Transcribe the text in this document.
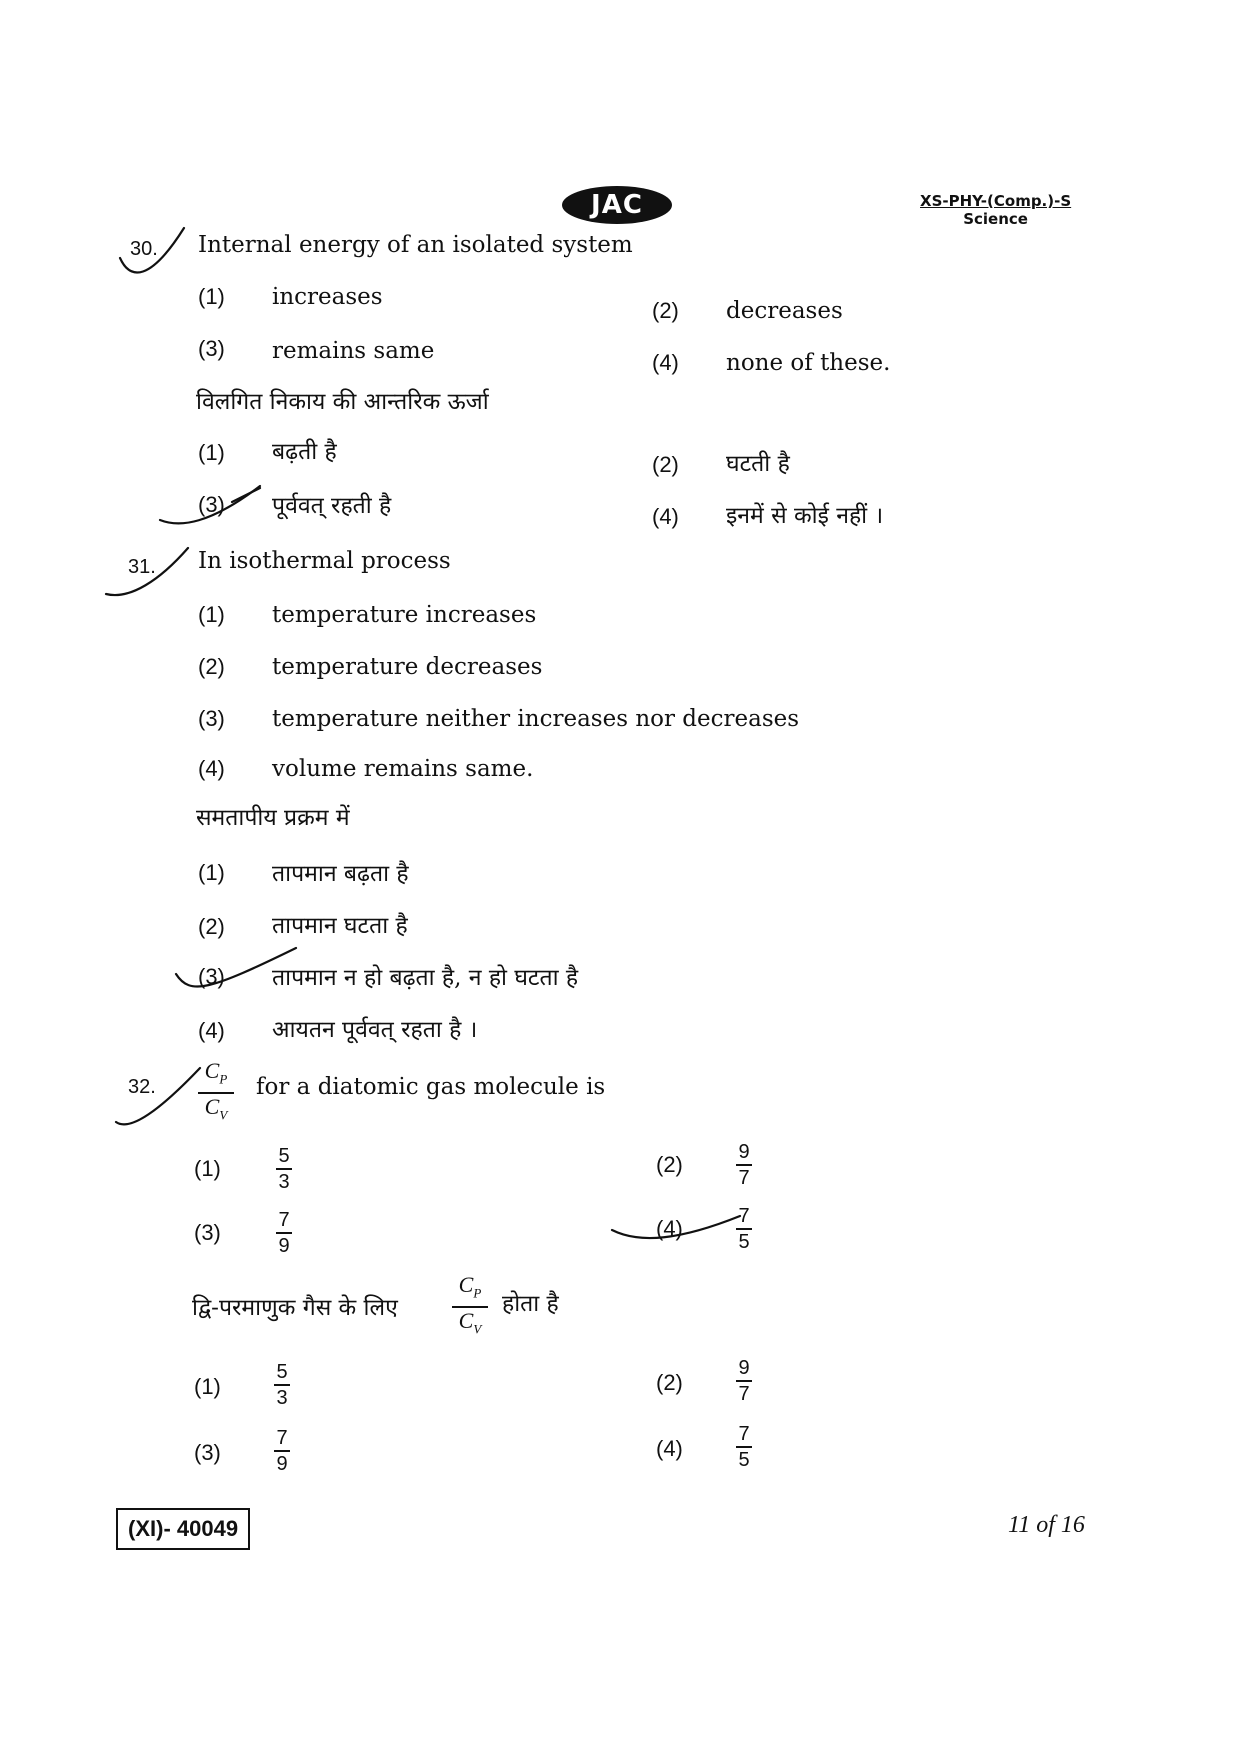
JAC	XS-PHY-(Comp.)-S
Science
30. Internal energy of an isolated system
(1) increases
(2) decreases
(3) remains same	(4) none of these.
विलगित निकाय की आन्तरिक ऊर्जा
(1) बढ़ती है	(2) घटती है
(3) पूर्ववत् रहती है	(4) इनमें से कोई नहीं ।
31. In isothermal process
(1) temperature increases
(2) temperature decreases
(3) temperature neither increases nor decreases
(4) volume remains same.
समतापीय प्रक्रम में
(1) तापमान बढ़ता है
(2) तापमान घटता है
(3) तापमान न हो बढ़ता है, न हो घटता है
(4) आयतन पूर्ववत् रहता है ।
32.
$C_P$
$C_V$
for a diatomic gas molecule is
(1)	5
3
(2)	9
7
(3)	7
9
(4)	7
5
द्वि-परमाणुक गैस के लिए
$C_P$
$C_V$
होता है
(1)
5
3
(2)
9
7
(3)
7
9
(4)
7
5
(XI)- 40049	11 of 16
